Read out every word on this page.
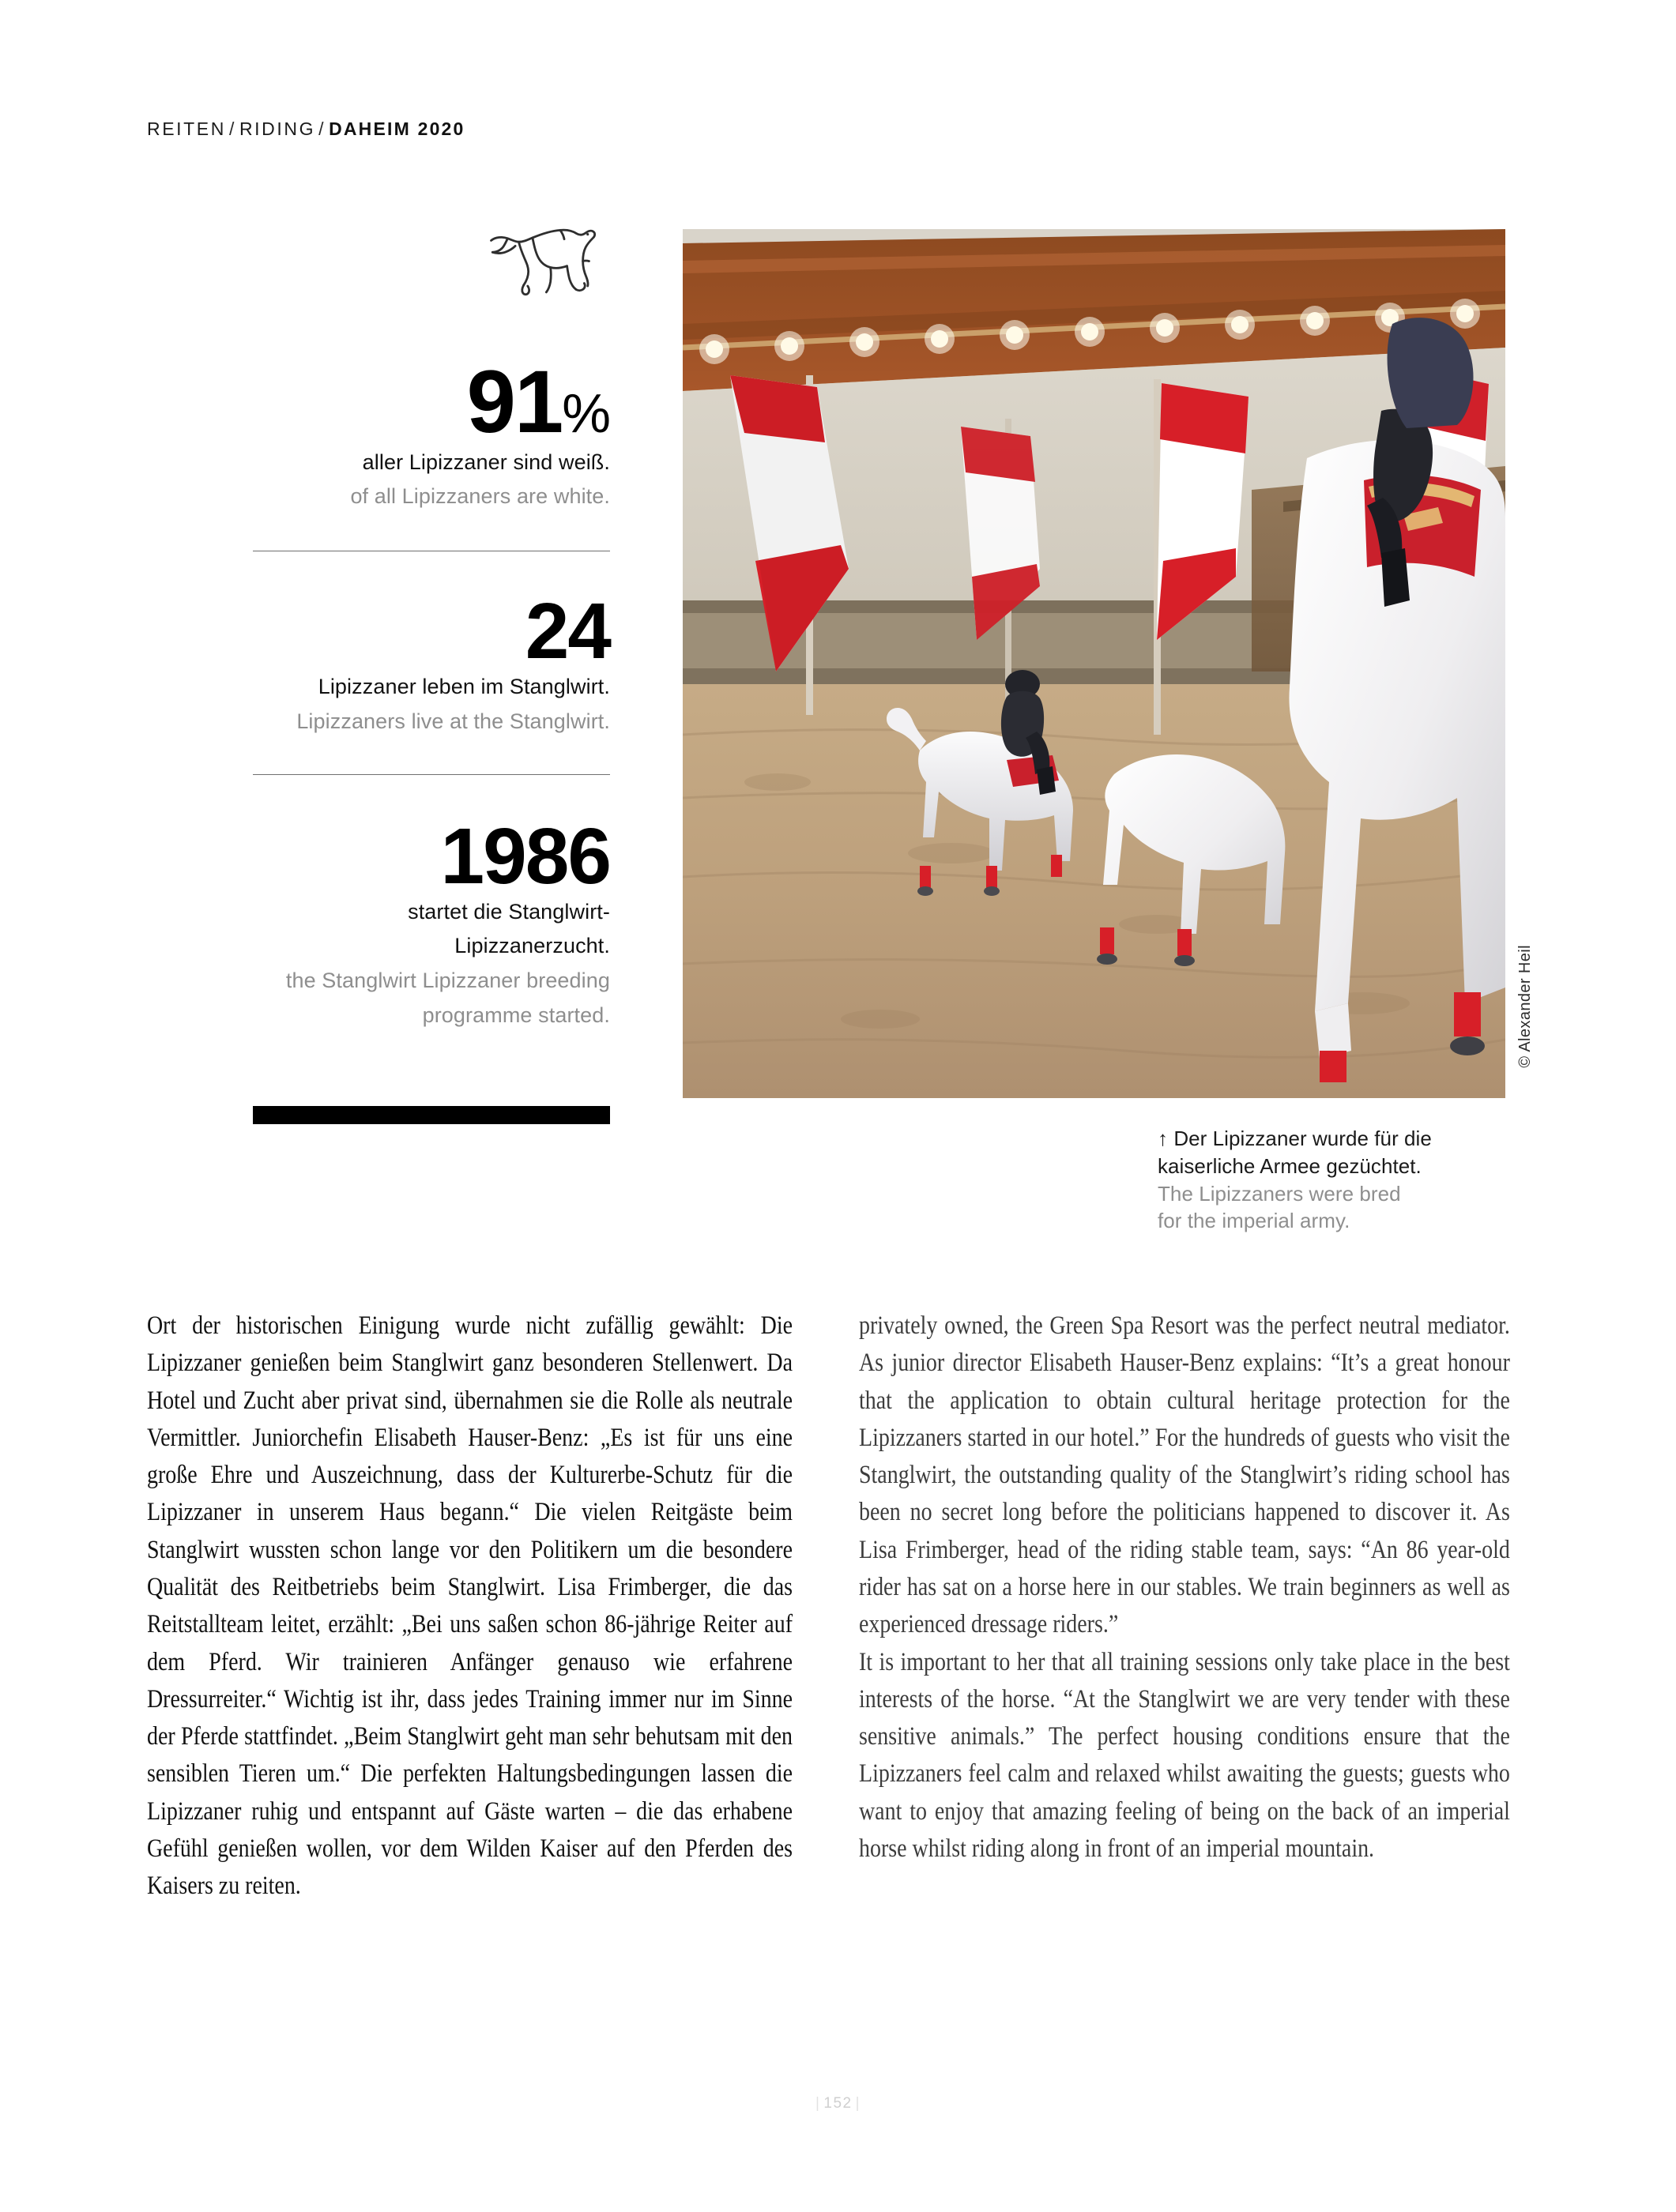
REITEN / RIDING / DAHEIM 2020
91%
aller Lipizzaner sind weiß.
of all Lipizzaners are white.
24
Lipizzaner leben im Stanglwirt.
Lipizzaners live at the Stanglwirt.
1986
startet die Stanglwirt-
Lipizzanerzucht.
the Stanglwirt Lipizzaner breeding
programme started.	© Alexander Heil
↑ Der Lipizzaner wurde für die
kaiserliche Armee gezüchtet.
The Lipizzaners were bred
for the imperial army.

Ort der historischen Einigung wurde nicht zufällig gewählt: Die Lipizzaner genießen beim Stanglwirt ganz besonderen Stellenwert. Da Hotel und Zucht aber privat sind, übernahmen sie die Rolle als neutrale Vermittler. Juniorchefin Elisabeth Hauser-Benz: „Es ist für uns eine große Ehre und Auszeichnung, dass der Kulturerbe-Schutz für die Lipizzaner in unserem Haus begann.“ Die vielen Reitgäste beim Stanglwirt wussten schon lange vor den Politikern um die besondere Qualität des Reitbetriebs beim Stanglwirt. Lisa Frimberger, die das Reitstallteam leitet, erzählt: „Bei uns saßen schon 86-jährige Reiter auf dem Pferd. Wir trainieren Anfänger genauso wie erfahrene Dressurreiter.“ Wichtig ist ihr, dass jedes Training immer nur im Sinne der Pferde stattfindet. „Beim Stanglwirt geht man sehr behutsam mit den sensiblen Tieren um.“ Die perfekten Haltungsbedingungen lassen die Lipizzaner ruhig und entspannt auf Gäste warten – die das erhabene Gefühl genießen wollen, vor dem Wilden Kaiser auf den Pferden des Kaisers zu reiten.

privately owned, the Green Spa Resort was the perfect neutral mediator. As junior director Elisabeth Hauser-Benz explains: “It’s a great honour that the application to obtain cultural heritage protection for the Lipizzaners started in our hotel.” For the hundreds of guests who visit the Stanglwirt, the outstanding quality of the Stanglwirt’s riding school has been no secret long before the politicians happened to discover it. As Lisa Frimberger, head of the riding stable team, says: “An 86 year-old rider has sat on a horse here in our stables. We train beginners as well as experienced dressage riders.”

It is important to her that all training sessions only take place in the best interests of the horse. “At the Stanglwirt we are very tender with these sensitive animals.” The perfect housing conditions ensure that the Lipizzaners feel calm and relaxed whilst awaiting the guests; guests who want to enjoy that amazing feeling of being on the back of an imperial horse whilst riding along in front of an imperial mountain.

| 152 |
